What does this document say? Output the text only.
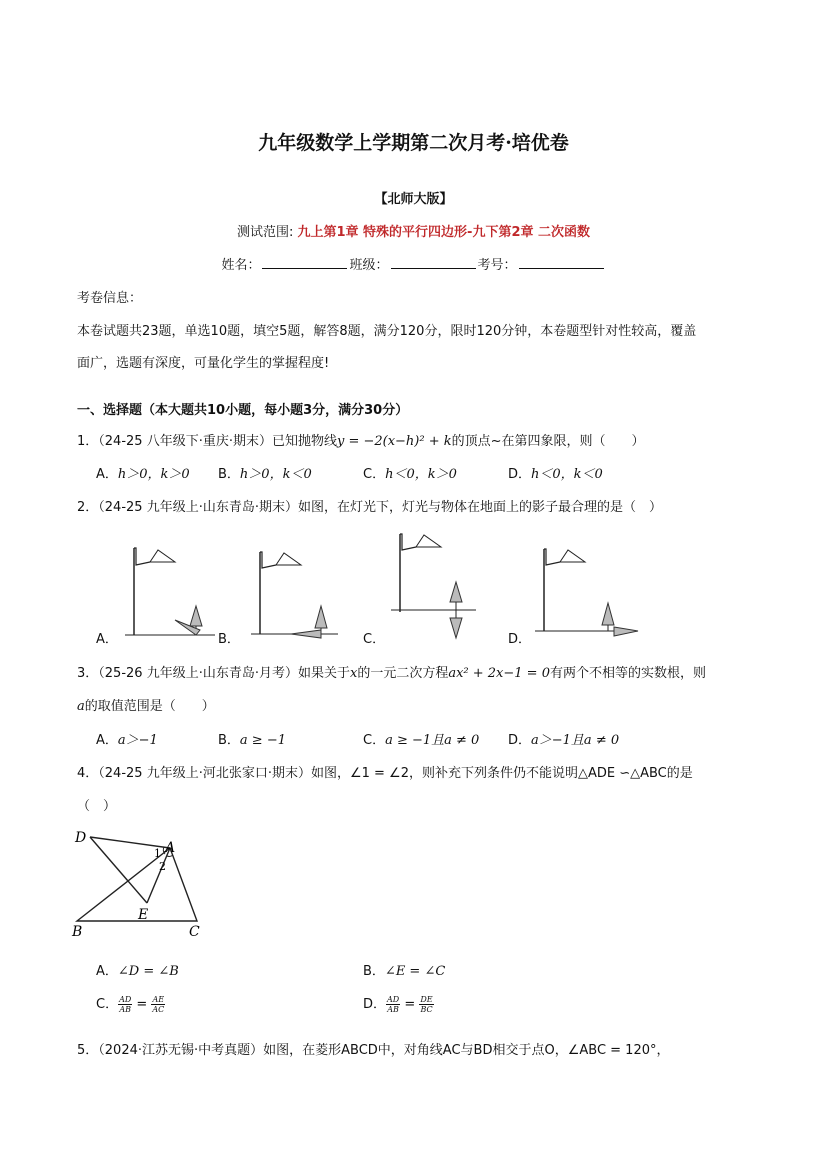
九年级数学上学期第二次月考·培优卷
【北师大版】
测试范围: 九上第1章 特殊的平行四边形-九下第2章 二次函数
姓名：	班级：	考号：
考卷信息：
本卷试题共23题，单选10题，填空5题，解答8题，满分120分，限时120分钟，本卷题型针对性较高，覆盖
面广，选题有深度，可量化学生的掌握程度!
一、选择题（本大题共10小题，每小题3分，满分30分）
1．（24-25 八年级下·重庆·期末）已知抛物线y = −2(x−h)² + k的顶点~在第四象限，则（　　）
A．h＞0，k＞0 B．h＞0，k＜0	C．h＜0，k＞0	D．h＜0，k＜0
2．（24-25 九年级上·山东青岛·期末）如图，在灯光下，灯光与物体在地面上的影子最合理的是（　）
A．	B．	C．	D．
3．（25-26 九年级上·山东青岛·月考）如果关于x的一元二次方程ax² + 2x−1 = 0有两个不相等的实数根，则
a的取值范围是（　　）
A．a＞−1	B．a ≥ −1	C．a ≥ −1且a ≠ 0 D．a＞−1且a ≠ 0
4．（24-25 九年级上·河北张家口·期末）如图，∠1 = ∠2，则补充下列条件仍不能说明△ADE ∽△ABC的是
（　）
D
A
B	C
E
1
2
A．∠D = ∠B	B．∠E = ∠C
C． $\frac{AD}{AB} = \frac{AE}{AC}$	D． $\frac{AD}{AB} = \frac{DE}{BC}$
5．（2024·江苏无锡·中考真题）如图，在菱形ABCD中，对角线AC与BD相交于点O，∠ABC = 120°，
